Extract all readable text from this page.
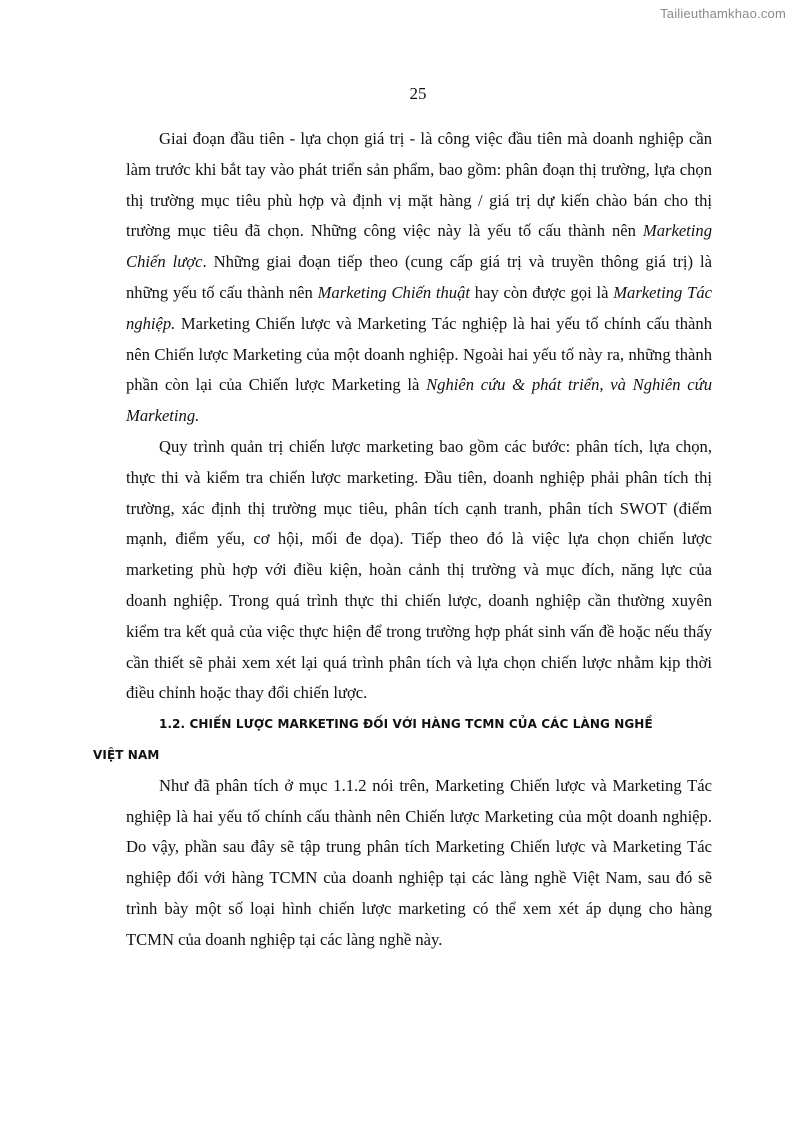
Tailieuthamkhao.com
25

Giai đoạn đầu tiên - lựa chọn giá trị - là công việc đầu tiên mà doanh nghiệp cần làm trước khi bắt tay vào phát triển sản phẩm, bao gồm: phân đoạn thị trường, lựa chọn thị trường mục tiêu phù hợp và định vị mặt hàng / giá trị dự kiến chào bán cho thị trường mục tiêu đã chọn. Những công việc này là yếu tố cấu thành nên Marketing Chiến lược. Những giai đoạn tiếp theo (cung cấp giá trị và truyền thông giá trị) là những yếu tố cấu thành nên Marketing Chiến thuật hay còn được gọi là Marketing Tác nghiệp. Marketing Chiến lược và Marketing Tác nghiệp là hai yếu tố chính cấu thành nên Chiến lược Marketing của một doanh nghiệp. Ngoài hai yếu tố này ra, những thành phần còn lại của Chiến lược Marketing là Nghiên cứu & phát triển, và Nghiên cứu Marketing.

Quy trình quản trị chiến lược marketing bao gồm các bước: phân tích, lựa chọn, thực thi và kiểm tra chiến lược marketing. Đầu tiên, doanh nghiệp phải phân tích thị trường, xác định thị trường mục tiêu, phân tích cạnh tranh, phân tích SWOT (điểm mạnh, điểm yếu, cơ hội, mối đe dọa). Tiếp theo đó là việc lựa chọn chiến lược marketing phù hợp với điều kiện, hoàn cảnh thị trường và mục đích, năng lực của doanh nghiệp. Trong quá trình thực thi chiến lược, doanh nghiệp cần thường xuyên kiểm tra kết quả của việc thực hiện để trong trường hợp phát sinh vấn đề hoặc nếu thấy cần thiết sẽ phải xem xét lại quá trình phân tích và lựa chọn chiến lược nhằm kịp thời điều chỉnh hoặc thay đổi chiến lược.

1.2. CHIẾN LƯỢC MARKETING ĐỐI VỚI HÀNG TCMN CỦA CÁC LÀNG NGHỀ
VIỆT NAM

Như đã phân tích ở mục 1.1.2 nói trên, Marketing Chiến lược và Marketing Tác nghiệp là hai yếu tố chính cấu thành nên Chiến lược Marketing của một doanh nghiệp. Do vậy, phần sau đây sẽ tập trung phân tích Marketing Chiến lược và Marketing Tác nghiệp đối với hàng TCMN của doanh nghiệp tại các làng nghề Việt Nam, sau đó sẽ trình bày một số loại hình chiến lược marketing có thể xem xét áp dụng cho hàng TCMN của doanh nghiệp tại các làng nghề này.
